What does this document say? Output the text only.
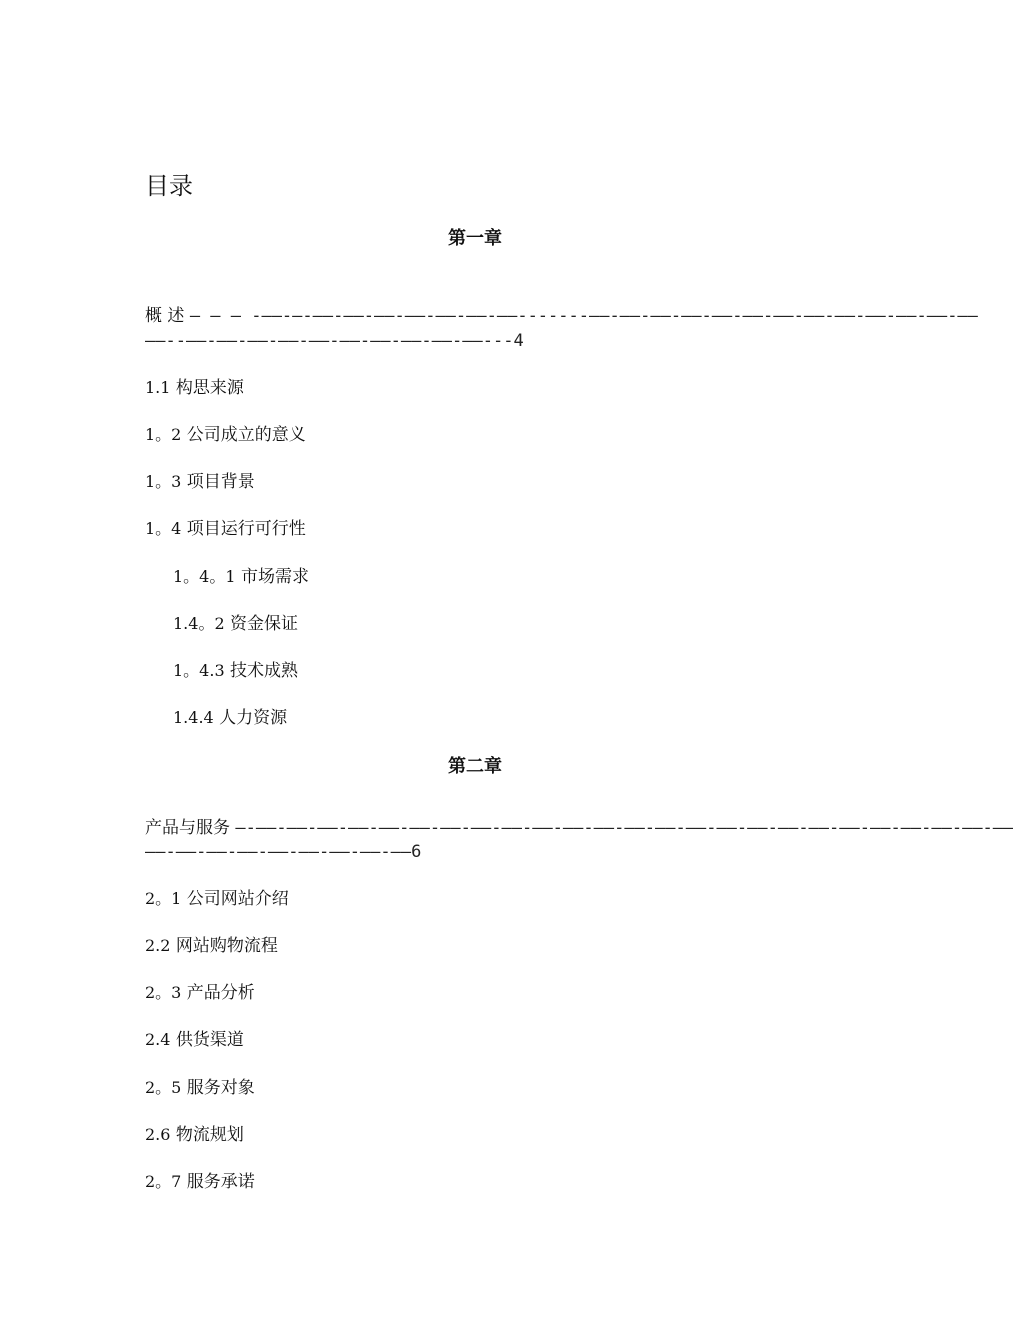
目录
第一章
概 述 — — — -——-—-——-——-——-——-——-——-——-------——-——-——-——-——-——-——-——-——-——-——-——-——
——--——-——-——-——-——-——-——-——-——-——---4
1.1 构思来源
1。2 公司成立的意义
1。3 项目背景
1。4 项目运行可行性
1。4。1 市场需求
1.4。2 资金保证
1。4.3 技术成熟
1.4.4 人力资源
第二章
产品与服务 —-——-——-——-——-——-——-——-——-——-——-——-——-——-——-——-——-——-——-——-——-——-——-——-——-——
——-——-——-——-——-——-——-——-——6
2。1 公司网站介绍
2.2 网站购物流程
2。3 产品分析
2.4 供货渠道
2。5 服务对象
2.6 物流规划
2。7 服务承诺
